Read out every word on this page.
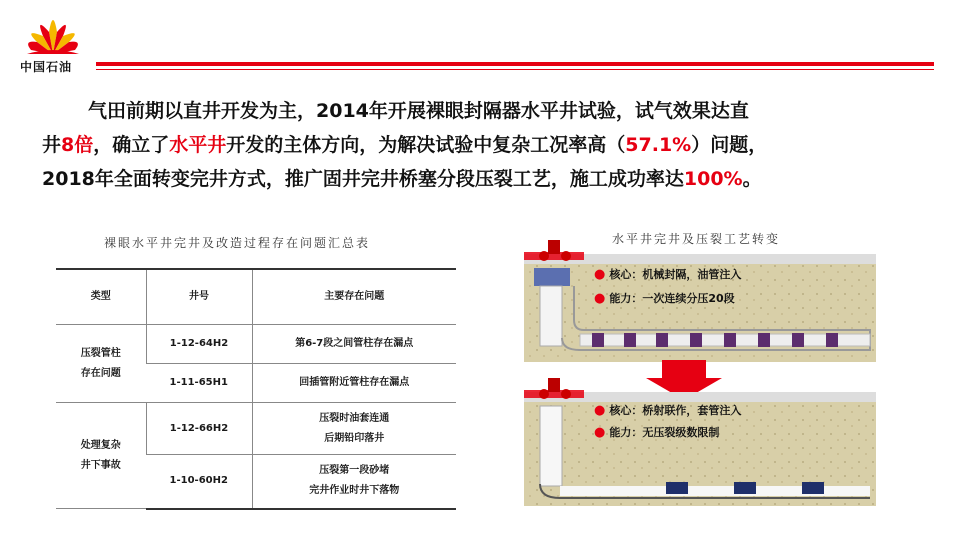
中国石油

气田前期以直井开发为主，2014年开展裸眼封隔器水平井试验，试气效果达直

井8倍，确立了水平井开发的主体方向，为解决试验中复杂工况率高（57.1%）问题，

2018年全面转变完井方式，推广固井完井桥塞分段压裂工艺，施工成功率达100%。

裸眼水平井完井及改造过程存在问题汇总表
类型	井号	主要存在问题
压裂管柱
存在问题	1-12-64H2	第6-7段之间管柱存在漏点
	1-11-65H1	回插管附近管柱存在漏点
处理复杂
井下事故	1-12-66H2	压裂时油套连通
后期铅印落井
	1-10-60H2	压裂第一段砂堵
完井作业时井下落物
水平井完井及压裂工艺转变
● 核心：机械封隔，油管注入
● 能力：一次连续分压20段
● 核心：桥射联作，套管注入
● 能力：无压裂级数限制
